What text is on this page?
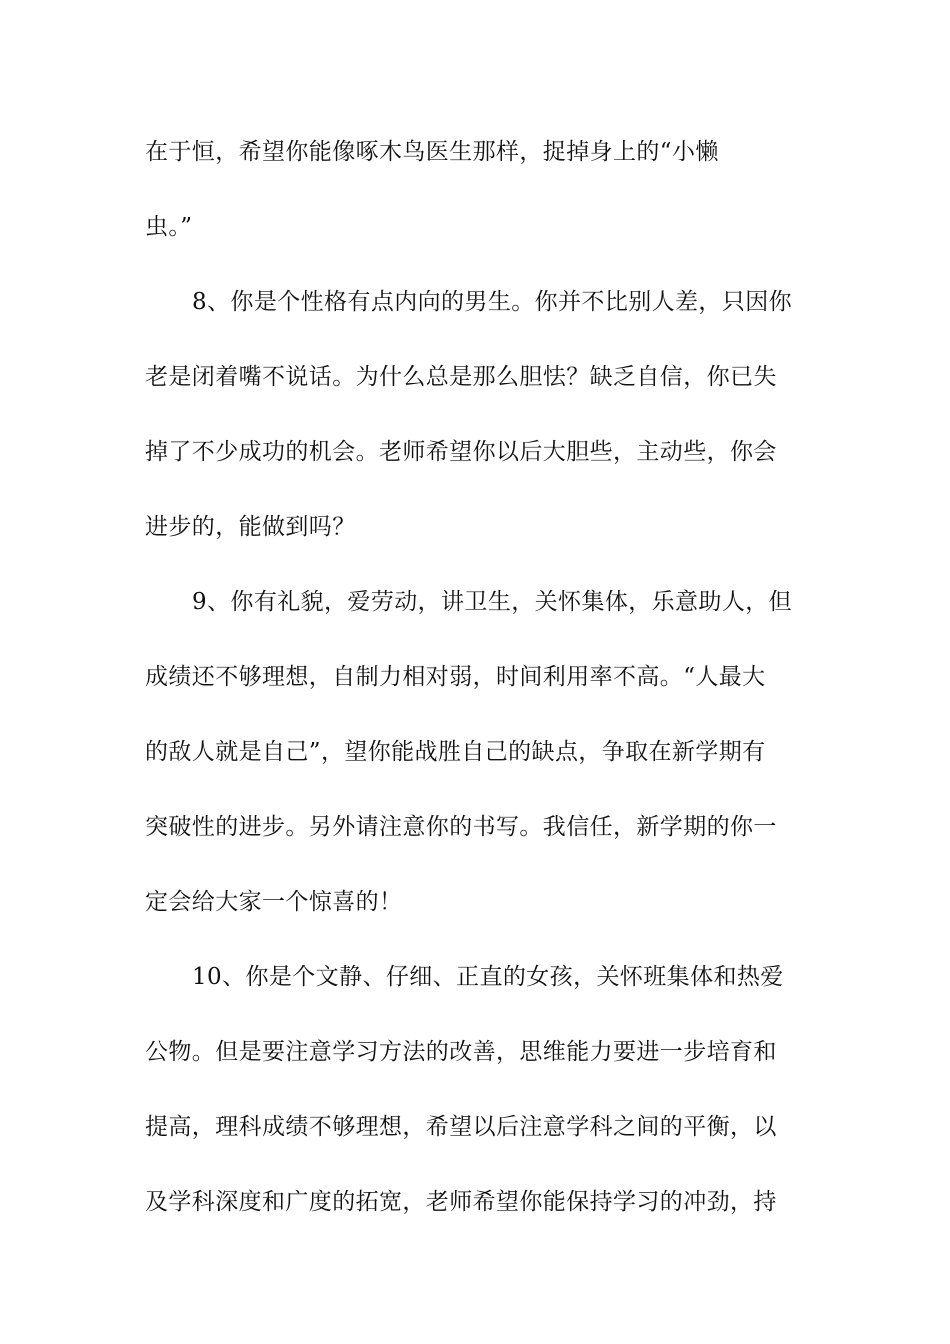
在于恒，希望你能像啄木鸟医生那样，捉掉身上的“小懒
虫。”
8、你是个性格有点内向的男生。你并不比别人差，只因你
老是闭着嘴不说话。为什么总是那么胆怯？缺乏自信，你已失
掉了不少成功的机会。老师希望你以后大胆些，主动些，你会
进步的，能做到吗？
9、你有礼貌，爱劳动，讲卫生，关怀集体，乐意助人，但
成绩还不够理想，自制力相对弱，时间利用率不高。“人最大
的敌人就是自己”，望你能战胜自己的缺点，争取在新学期有
突破性的进步。另外请注意你的书写。我信任，新学期的你一
定会给大家一个惊喜的！
10、你是个文静、仔细、正直的女孩，关怀班集体和热爱
公物。但是要注意学习方法的改善，思维能力要进一步培育和
提高，理科成绩不够理想，希望以后注意学科之间的平衡，以
及学科深度和广度的拓宽，老师希望你能保持学习的冲劲，持
